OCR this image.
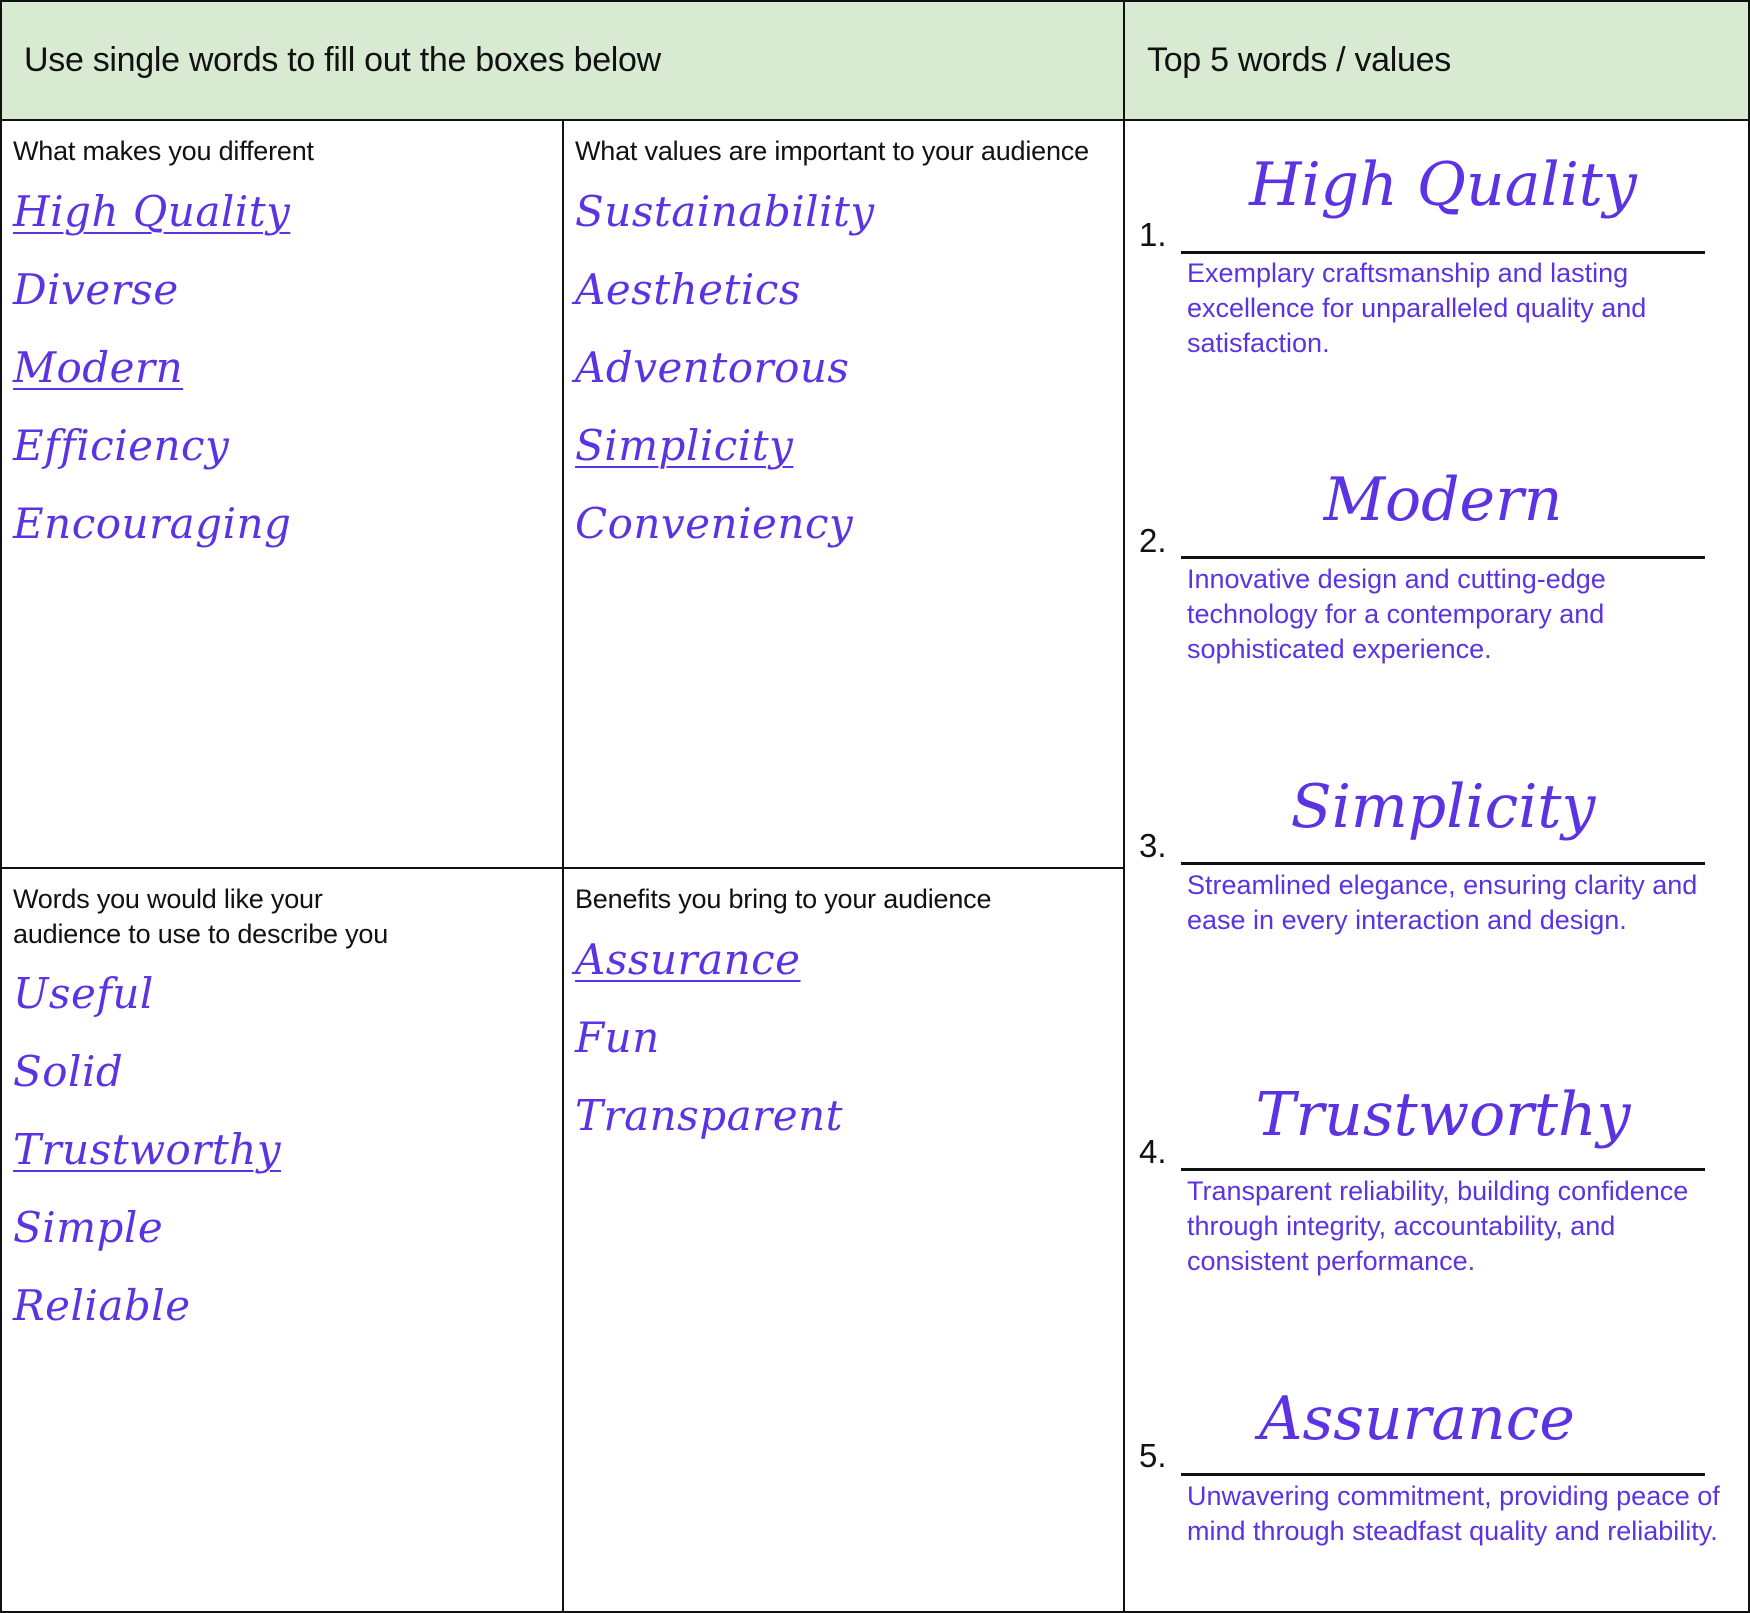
Use single words to fill out the boxes below	Top 5 words / values
What makes you different
High Quality
Diverse
Modern
Efficiency
Encouraging
What values are important to your audience
Sustainability
Aesthetics
Adventorous
Simplicity
Conveniency
Words you would like your audience to use to describe you
Useful
Solid
Trustworthy
Simple
Reliable
Benefits you bring to your audience
Assurance
Fun
Transparent
High Quality
1.
Exemplary craftsmanship and lasting excellence for unparalleled quality and satisfaction.
Modern
2.
Innovative design and cutting-edge technology for a contemporary and sophisticated experience.
Simplicity
3.
Streamlined elegance, ensuring clarity and ease in every interaction and design.
Trustworthy
4.
Transparent reliability, building confidence through integrity, accountability, and consistent performance.
Assurance
5.
Unwavering commitment, providing peace of mind through steadfast quality and reliability.
